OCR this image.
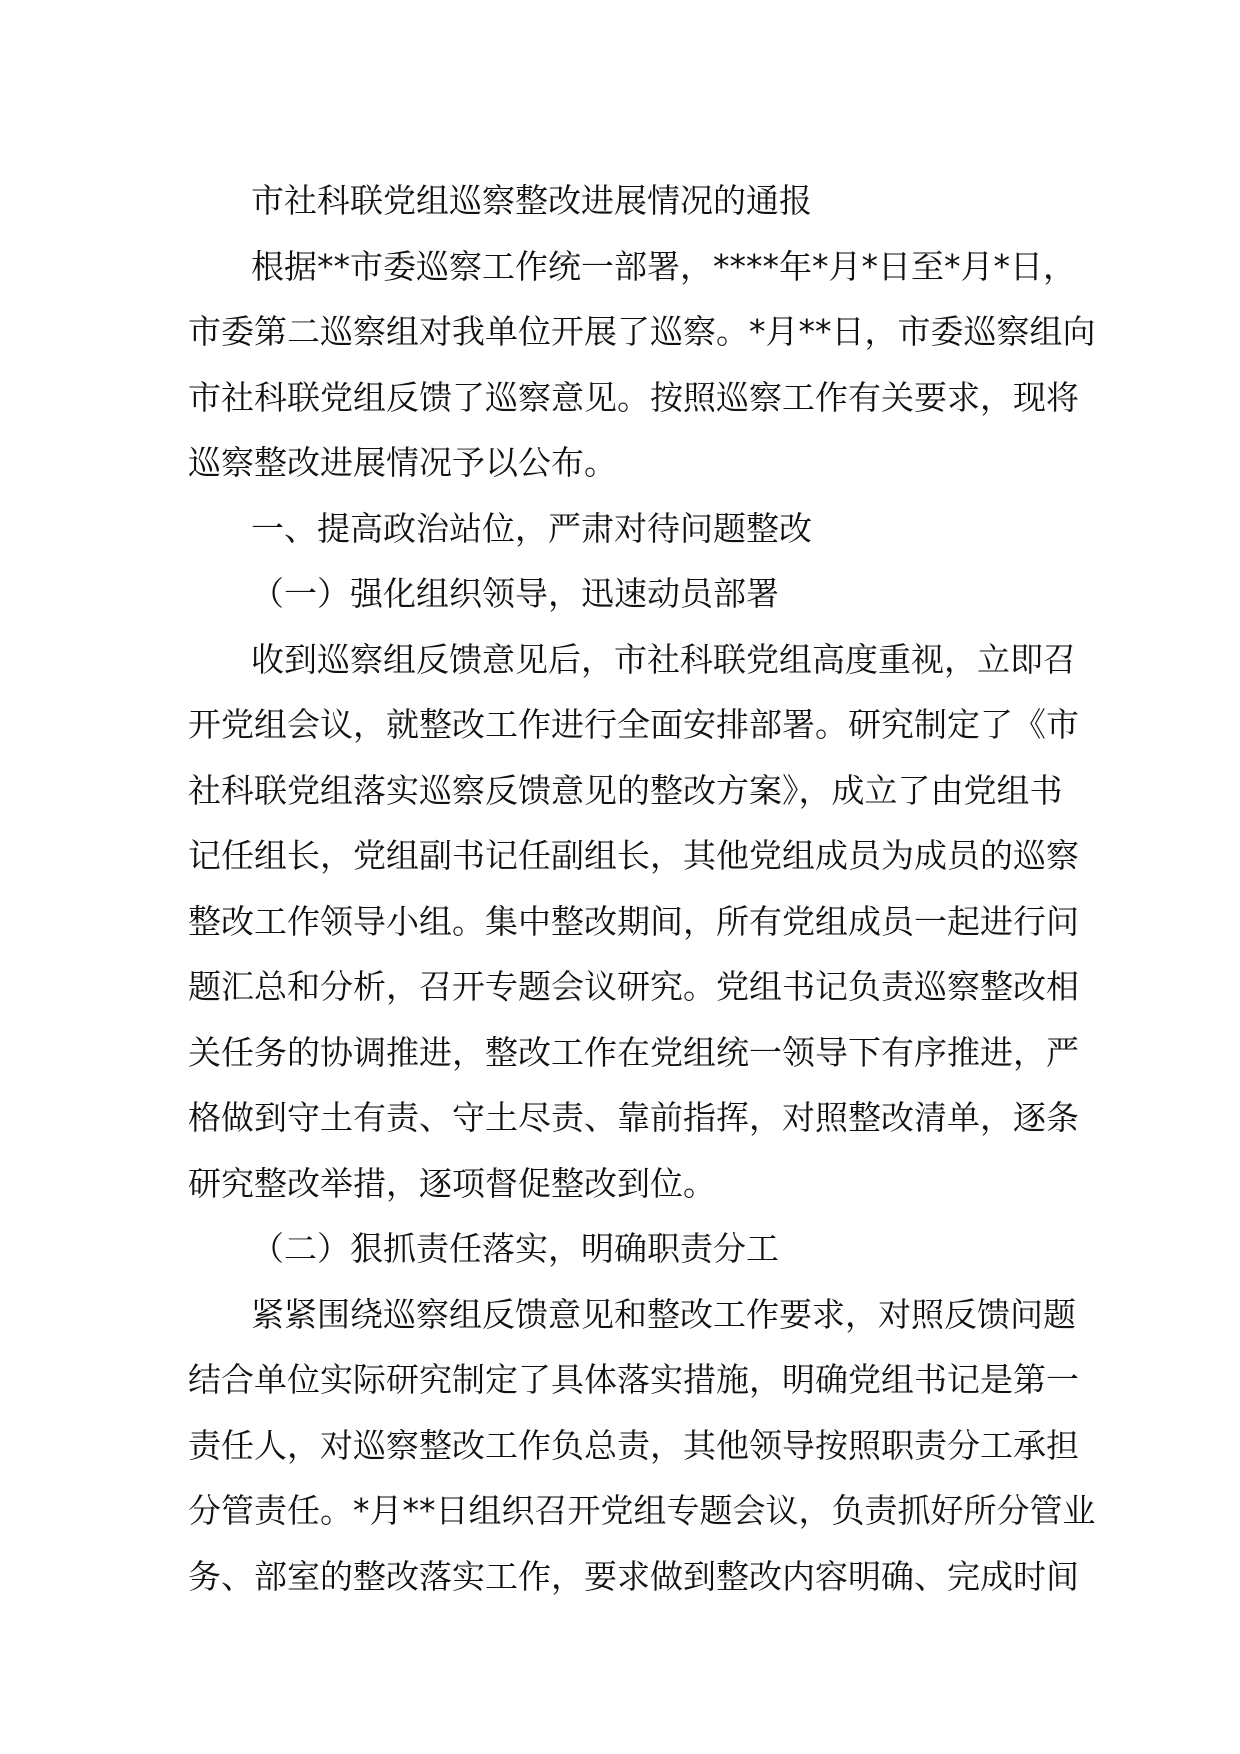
市社科联党组巡察整改进展情况的通报
根据**市委巡察工作统一部署，****年*月*日至*月*日，
市委第二巡察组对我单位开展了巡察。*月**日，市委巡察组向
市社科联党组反馈了巡察意见。按照巡察工作有关要求，现将
巡察整改进展情况予以公布。
一、提高政治站位，严肃对待问题整改
（一）强化组织领导，迅速动员部署
收到巡察组反馈意见后，市社科联党组高度重视，立即召
开党组会议，就整改工作进行全面安排部署。研究制定了《市
社科联党组落实巡察反馈意见的整改方案》，成立了由党组书
记任组长，党组副书记任副组长，其他党组成员为成员的巡察
整改工作领导小组。集中整改期间，所有党组成员一起进行问
题汇总和分析，召开专题会议研究。党组书记负责巡察整改相
关任务的协调推进，整改工作在党组统一领导下有序推进，严
格做到守土有责、守土尽责、靠前指挥，对照整改清单，逐条
研究整改举措，逐项督促整改到位。
（二）狠抓责任落实，明确职责分工
紧紧围绕巡察组反馈意见和整改工作要求，对照反馈问题
结合单位实际研究制定了具体落实措施，明确党组书记是第一
责任人，对巡察整改工作负总责，其他领导按照职责分工承担
分管责任。*月**日组织召开党组专题会议，负责抓好所分管业
务、部室的整改落实工作，要求做到整改内容明确、完成时间
